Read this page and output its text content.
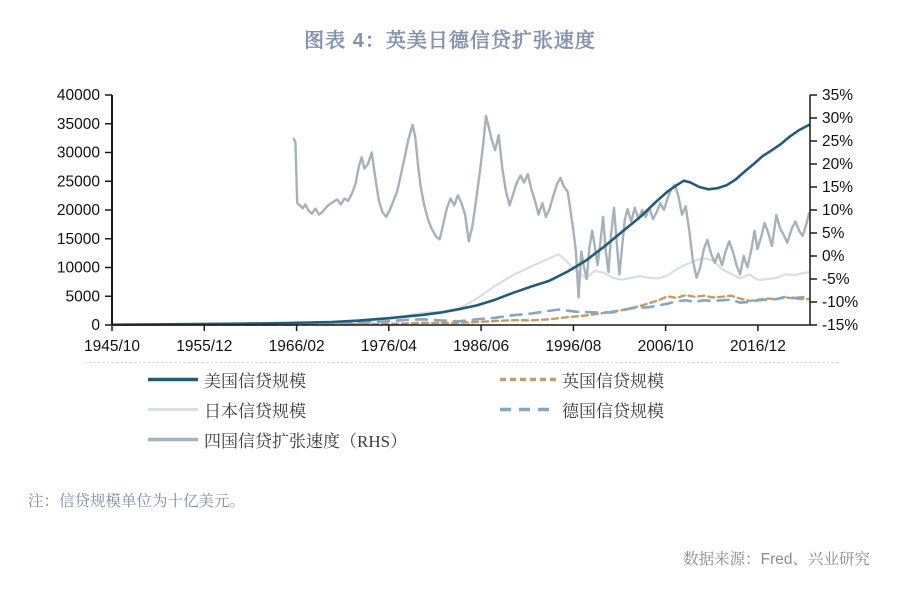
图表 4：英美日德信贷扩张速度
40000
35000
30000
25000
20000
15000
10000
5000
0
35%
30%
25%
20%
15%
10%
5%
0%
-5%
-10%
-15%
1945/10 1955/12 1966/02 1976/04 1986/06 1996/08 2006/10 2016/12
美国信贷规模
日本信贷规模
四国信贷扩张速度（RHS）
英国信贷规模
德国信贷规模
注：信贷规模单位为十亿美元。
数据来源：Fred、兴业研究
